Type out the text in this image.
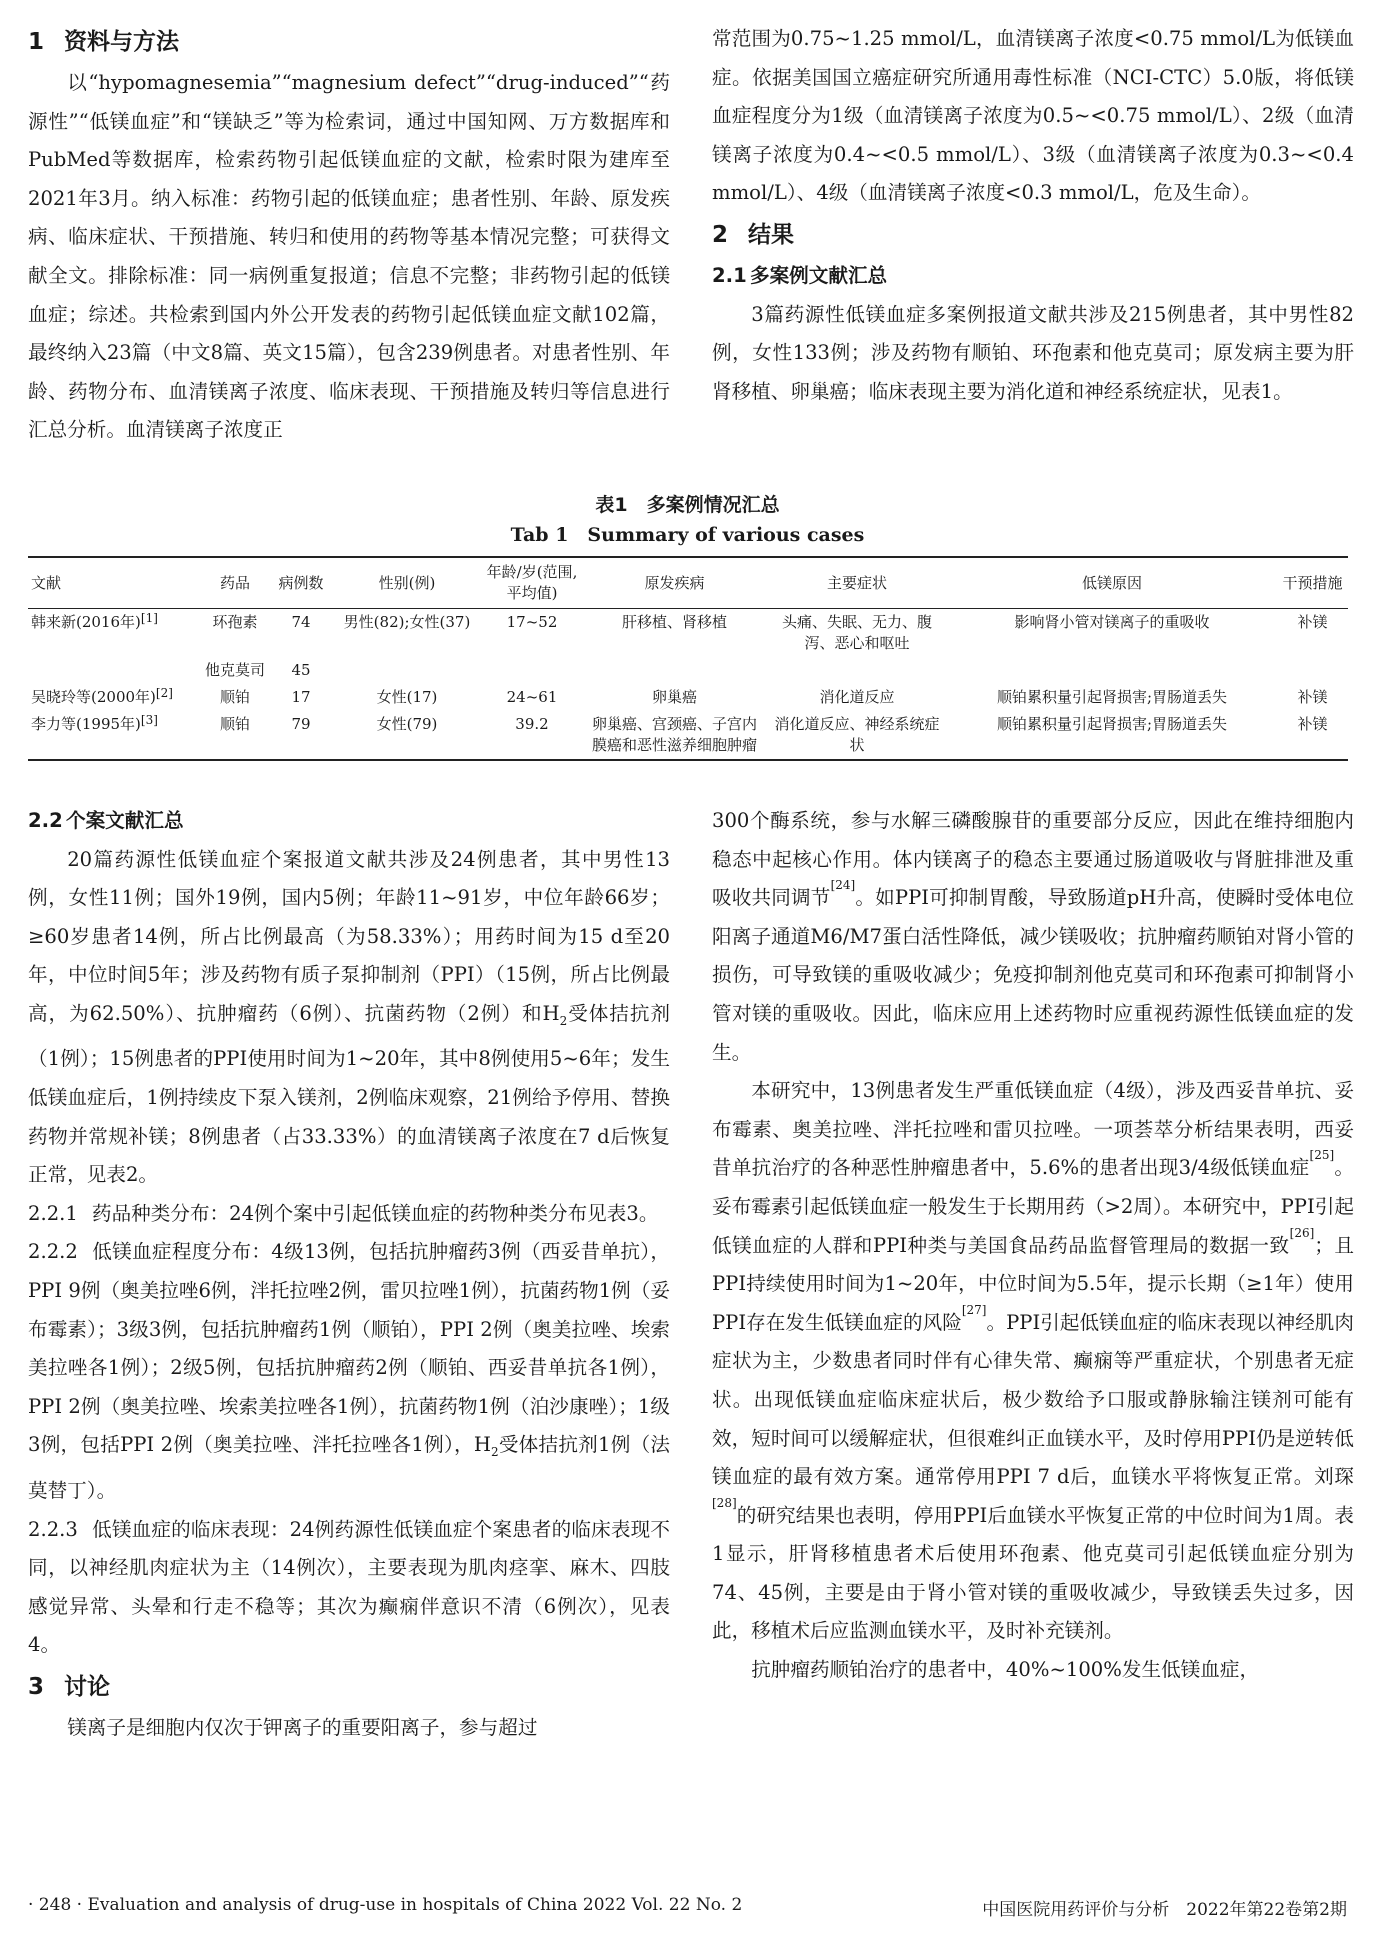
1 资料与方法

以“hypomagnesemia”“magnesium defect”“drug-induced”“药源性”“低镁血症”和“镁缺乏”等为检索词，通过中国知网、万方数据库和PubMed等数据库，检索药物引起低镁血症的文献，检索时限为建库至2021年3月。纳入标准：药物引起的低镁血症；患者性别、年龄、原发疾病、临床症状、干预措施、转归和使用的药物等基本情况完整；可获得文献全文。排除标准：同一病例重复报道；信息不完整；非药物引起的低镁血症；综述。共检索到国内外公开发表的药物引起低镁血症文献102篇，最终纳入23篇（中文8篇、英文15篇），包含239例患者。对患者性别、年龄、药物分布、血清镁离子浓度、临床表现、干预措施及转归等信息进行汇总分析。血清镁离子浓度正

常范围为0.75~1.25 mmol/L，血清镁离子浓度<0.75 mmol/L为低镁血症。依据美国国立癌症研究所通用毒性标准（NCI-CTC）5.0版，将低镁血症程度分为1级（血清镁离子浓度为0.5~<0.75 mmol/L）、2级（血清镁离子浓度为0.4~<0.5 mmol/L）、3级（血清镁离子浓度为0.3~<0.4 mmol/L）、4级（血清镁离子浓度<0.3 mmol/L，危及生命）。

2 结果
2.1 多案例文献汇总

3篇药源性低镁血症多案例报道文献共涉及215例患者，其中男性82例，女性133例；涉及药物有顺铂、环孢素和他克莫司；原发病主要为肝肾移植、卵巢癌；临床表现主要为消化道和神经系统症状，见表1。

表1　多案例情况汇总
Tab 1　Summary of various cases
文献	药品	病例数	性别(例)	年龄/岁(范围,平均值)	原发疾病	主要症状	低镁原因	干预措施
韩来新(2016年)[1]	环孢素	74	男性(82);女性(37)	17~52	肝移植、肾移植	头痛、失眠、无力、腹泻、恶心和呕吐	影响肾小管对镁离子的重吸收	补镁
	他克莫司	45						
吴晓玲等(2000年)[2]	顺铂	17	女性(17)	24~61	卵巢癌	消化道反应	顺铂累积量引起肾损害;胃肠道丢失	补镁
李力等(1995年)[3]	顺铂	79	女性(79)	39.2	卵巢癌、宫颈癌、子宫内膜癌和恶性滋养细胞肿瘤	消化道反应、神经系统症状	顺铂累积量引起肾损害;胃肠道丢失	补镁
2.2 个案文献汇总

20篇药源性低镁血症个案报道文献共涉及24例患者，其中男性13例，女性11例；国外19例，国内5例；年龄11~91岁，中位年龄66岁；≥60岁患者14例，所占比例最高（为58.33%）；用药时间为15 d至20年，中位时间5年；涉及药物有质子泵抑制剂（PPI）（15例，所占比例最高，为62.50%）、抗肿瘤药（6例）、抗菌药物（2例）和$H_2$受体拮抗剂（1例）；15例患者的PPI使用时间为1~20年，其中8例使用5~6年；发生低镁血症后，1例持续皮下泵入镁剂，2例临床观察，21例给予停用、替换药物并常规补镁；8例患者（占33.33%）的血清镁离子浓度在7 d后恢复正常，见表2。

2.2.1 药品种类分布：24例个案中引起低镁血症的药物种类分布见表3。

2.2.2 低镁血症程度分布：4级13例，包括抗肿瘤药3例（西妥昔单抗），PPI 9例（奥美拉唑6例，泮托拉唑2例，雷贝拉唑1例），抗菌药物1例（妥布霉素）；3级3例，包括抗肿瘤药1例（顺铂），PPI 2例（奥美拉唑、埃索美拉唑各1例）；2级5例，包括抗肿瘤药2例（顺铂、西妥昔单抗各1例），PPI 2例（奥美拉唑、埃索美拉唑各1例），抗菌药物1例（泊沙康唑）；1级3例，包括PPI 2例（奥美拉唑、泮托拉唑各1例），$H_2$受体拮抗剂1例（法莫替丁）。

2.2.3 低镁血症的临床表现：24例药源性低镁血症个案患者的临床表现不同，以神经肌肉症状为主（14例次），主要表现为肌肉痉挛、麻木、四肢感觉异常、头晕和行走不稳等；其次为癫痫伴意识不清（6例次），见表4。

3 讨论

镁离子是细胞内仅次于钾离子的重要阳离子，参与超过

300个酶系统，参与水解三磷酸腺苷的重要部分反应，因此在维持细胞内稳态中起核心作用。体内镁离子的稳态主要通过肠道吸收与肾脏排泄及重吸收共同调节[24]。如PPI可抑制胃酸，导致肠道pH升高，使瞬时受体电位阳离子通道M6/M7蛋白活性降低，减少镁吸收；抗肿瘤药顺铂对肾小管的损伤，可导致镁的重吸收减少；免疫抑制剂他克莫司和环孢素可抑制肾小管对镁的重吸收。因此，临床应用上述药物时应重视药源性低镁血症的发生。

本研究中，13例患者发生严重低镁血症（4级），涉及西妥昔单抗、妥布霉素、奥美拉唑、泮托拉唑和雷贝拉唑。一项荟萃分析结果表明，西妥昔单抗治疗的各种恶性肿瘤患者中，5.6%的患者出现3/4级低镁血症[25]。妥布霉素引起低镁血症一般发生于长期用药（>2周）。本研究中，PPI引起低镁血症的人群和PPI种类与美国食品药品监督管理局的数据一致[26]；且PPI持续使用时间为1~20年，中位时间为5.5年，提示长期（≥1年）使用PPI存在发生低镁血症的风险[27]。PPI引起低镁血症的临床表现以神经肌肉症状为主，少数患者同时伴有心律失常、癫痫等严重症状，个别患者无症状。出现低镁血症临床症状后，极少数给予口服或静脉输注镁剂可能有效，短时间可以缓解症状，但很难纠正血镁水平，及时停用PPI仍是逆转低镁血症的最有效方案。通常停用PPI 7 d后，血镁水平将恢复正常。刘琛[28]的研究结果也表明，停用PPI后血镁水平恢复正常的中位时间为1周。表1显示，肝肾移植患者术后使用环孢素、他克莫司引起低镁血症分别为74、45例，主要是由于肾小管对镁的重吸收减少，导致镁丢失过多，因此，移植术后应监测血镁水平，及时补充镁剂。

抗肿瘤药顺铂治疗的患者中，40%~100%发生低镁血症，

· 248 · Evaluation and analysis of drug-use in hospitals of China 2022 Vol. 22 No. 2	中国医院用药评价与分析　2022年第22卷第2期
